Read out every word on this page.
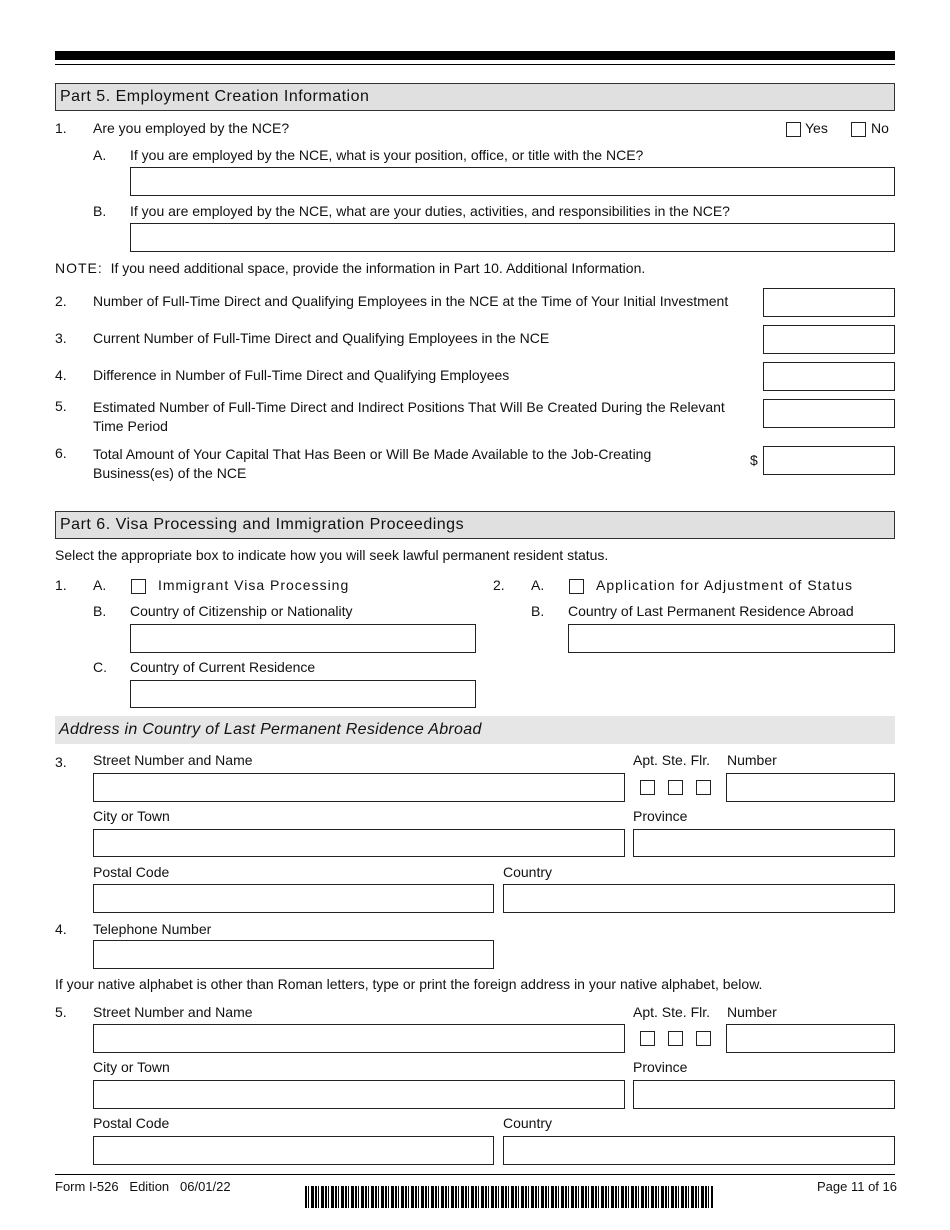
Part 5. Employment Creation Information
1. Are you employed by the NCE?	Yes	No
A. If you are employed by the NCE, what is your position, office, or title with the NCE?
B. If you are employed by the NCE, what are your duties, activities, and responsibilities in the NCE?
NOTE: If you need additional space, provide the information in Part 10. Additional Information.
2. Number of Full-Time Direct and Qualifying Employees in the NCE at the Time of Your Initial Investment
3. Current Number of Full-Time Direct and Qualifying Employees in the NCE
4. Difference in Number of Full-Time Direct and Qualifying Employees
5. Estimated Number of Full-Time Direct and Indirect Positions That Will Be Created During the Relevant Time Period
6. Total Amount of Your Capital That Has Been or Will Be Made Available to the Job-Creating Business(es) of the NCE
$
Part 6. Visa Processing and Immigration Proceedings
Select the appropriate box to indicate how you will seek lawful permanent resident status.
1. A.	Immigrant Visa Processing
B. Country of Citizenship or Nationality
C. Country of Current Residence
2. A.	Application for Adjustment of Status
B. Country of Last Permanent Residence Abroad
Address in Country of Last Permanent Residence Abroad
3. Street Number and Name	Apt. Ste. Flr. Number
City or Town	Province
Postal Code	Country
4. Telephone Number
If your native alphabet is other than Roman letters, type or print the foreign address in your native alphabet, below.
5. Street Number and Name	Apt. Ste. Flr. Number
City or Town	Province
Postal Code	Country
Form I-526   Edition   06/01/22	Page 11 of 16
